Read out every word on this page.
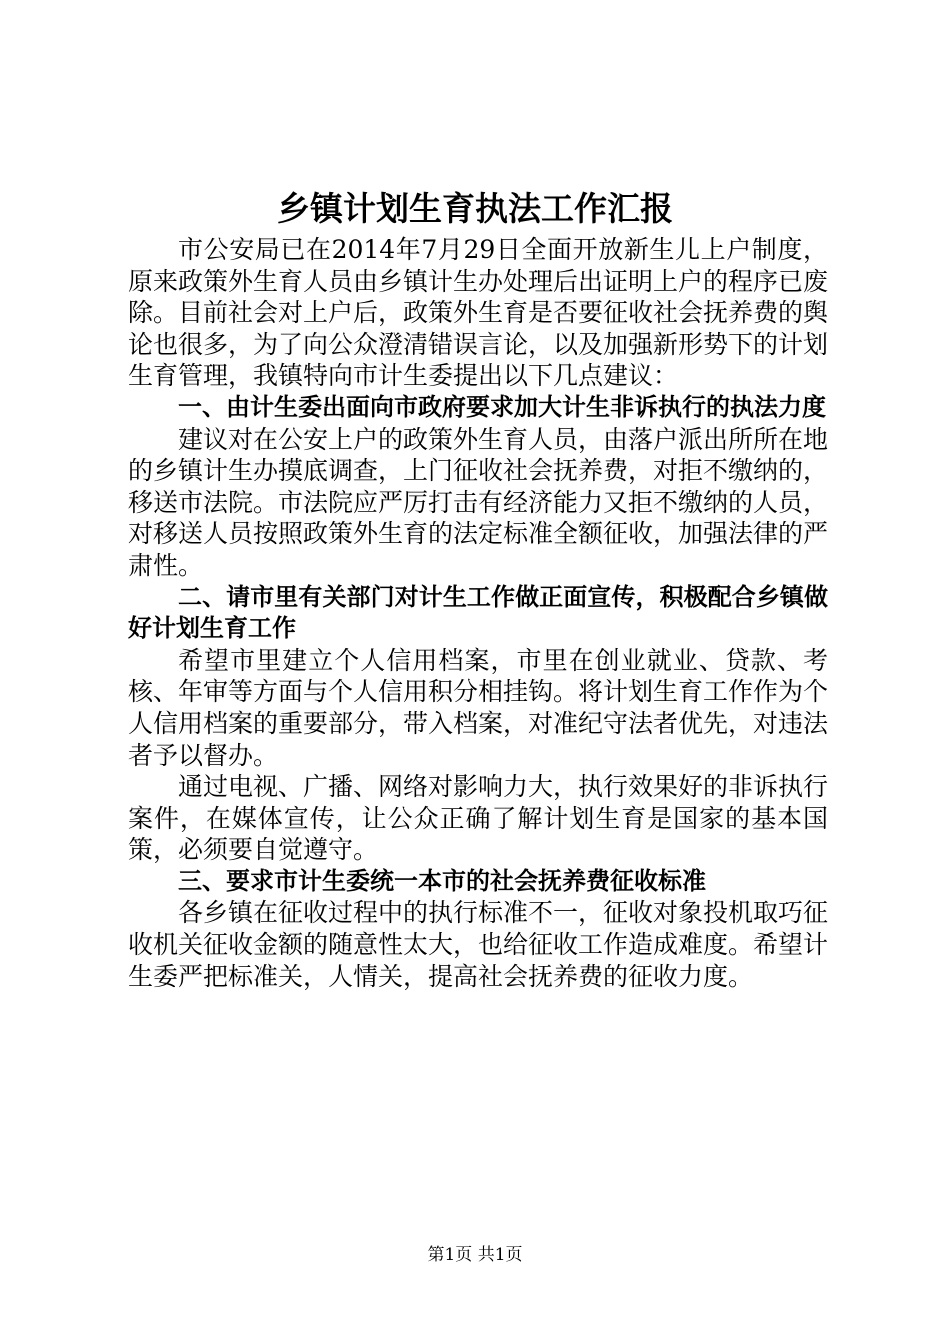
乡镇计划生育执法工作汇报

市公安局已在2014年7月29日全面开放新生儿上户制度，原来政策外生育人员由乡镇计生办处理后出证明上户的程序已废除。目前社会对上户后，政策外生育是否要征收社会抚养费的舆论也很多，为了向公众澄清错误言论，以及加强新形势下的计划生育管理，我镇特向市计生委提出以下几点建议：

一、由计生委出面向市政府要求加大计生非诉执行的执法力度

建议对在公安上户的政策外生育人员，由落户派出所所在地的乡镇计生办摸底调查，上门征收社会抚养费，对拒不缴纳的，移送市法院。市法院应严厉打击有经济能力又拒不缴纳的人员，对移送人员按照政策外生育的法定标准全额征收，加强法律的严肃性。

二、请市里有关部门对计生工作做正面宣传，积极配合乡镇做好计划生育工作

希望市里建立个人信用档案，市里在创业就业、贷款、考核、年审等方面与个人信用积分相挂钩。将计划生育工作作为个人信用档案的重要部分，带入档案，对准纪守法者优先，对违法者予以督办。

通过电视、广播、网络对影响力大，执行效果好的非诉执行案件，在媒体宣传，让公众正确了解计划生育是国家的基本国策，必须要自觉遵守。

三、要求市计生委统一本市的社会抚养费征收标准

各乡镇在征收过程中的执行标准不一，征收对象投机取巧征收机关征收金额的随意性太大，也给征收工作造成难度。希望计生委严把标准关，人情关，提高社会抚养费的征收力度。

第1页 共1页
